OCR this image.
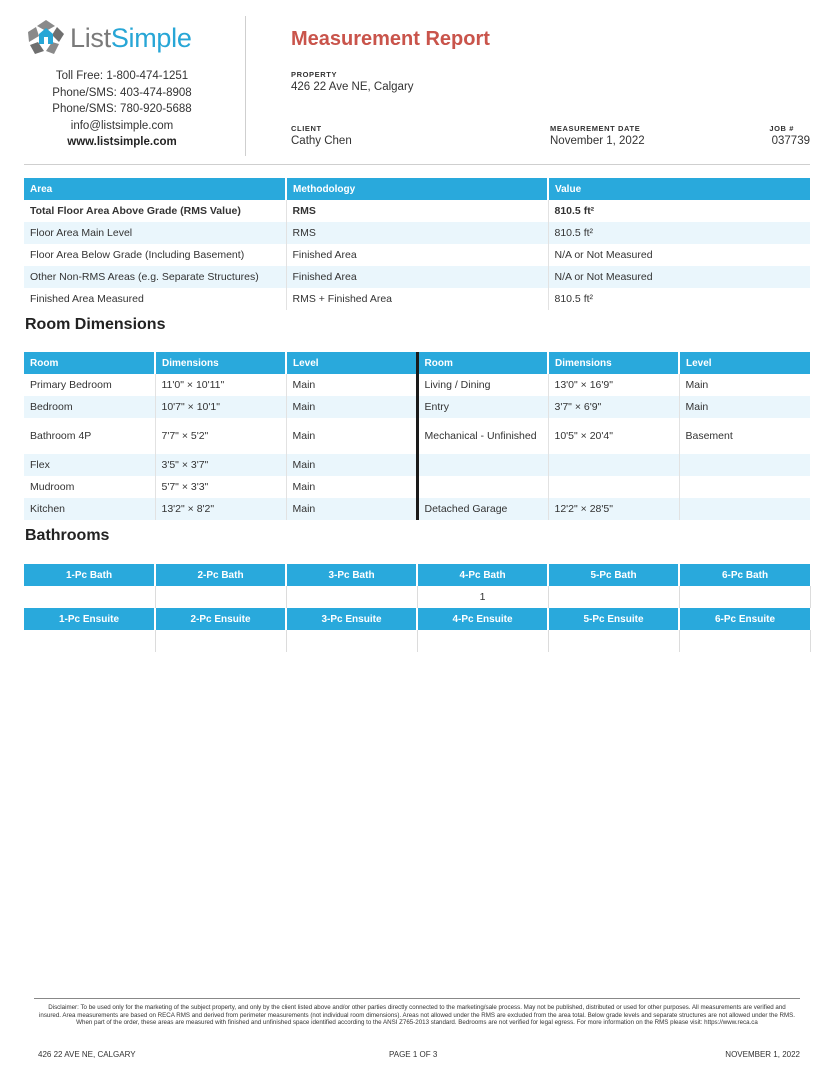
ListSimple
Toll Free: 1-800-474-1251
Phone/SMS: 403-474-8908
Phone/SMS: 780-920-5688
info@listsimple.com
www.listsimple.com
Measurement Report
PROPERTY
426 22 Ave NE, Calgary
CLIENT
Cathy Chen
MEASUREMENT DATE
November 1, 2022
JOB #
037739
Area	Methodology	Value
Total Floor Area Above Grade (RMS Value)	RMS	810.5 ft²
Floor Area Main Level	RMS	810.5 ft²
Floor Area Below Grade (Including Basement)	Finished Area	N/A or Not Measured
Other Non-RMS Areas (e.g. Separate Structures)	Finished Area	N/A or Not Measured
Finished Area Measured	RMS + Finished Area	810.5 ft²
Room Dimensions
Room	Dimensions	Level	Room	Dimensions	Level
Primary Bedroom	11'0" × 10'11"	Main	Living / Dining	13'0" × 16'9"	Main
Bedroom	10'7" × 10'1"	Main	Entry	3'7" × 6'9"	Main
Bathroom 4P	7'7" × 5'2"	Main	Mechanical - Unfinished	10'5" × 20'4"	Basement
Flex	3'5" × 3'7"	Main			
Mudroom	5'7" × 3'3"	Main			
Kitchen	13'2" × 8'2"	Main	Detached Garage	12'2" × 28'5"	
Bathrooms
1-Pc Bath	2-Pc Bath	3-Pc Bath	4-Pc Bath	5-Pc Bath	6-Pc Bath
			1		
1-Pc Ensuite	2-Pc Ensuite	3-Pc Ensuite	4-Pc Ensuite	5-Pc Ensuite	6-Pc Ensuite

Disclaimer: To be used only for the marketing of the subject property, and only by the client listed above and/or other parties directly connected to the marketing/sale process. May not be published, distributed or used for other purposes. All measurements are verified and insured. Area measurements are based on RECA RMS and derived from perimeter measurements (not individual room dimensions). Areas not allowed under the RMS are excluded from the area total. Below grade levels and separate structures are not allowed under the RMS. When part of the order, these areas are measured with finished and unfinished space identified according to the ANSI Z765-2013 standard. Bedrooms are not verified for legal egress. For more information on the RMS please visit: https://www.reca.ca
426 22 AVE NE, CALGARY	PAGE 1 OF 3	NOVEMBER 1, 2022
